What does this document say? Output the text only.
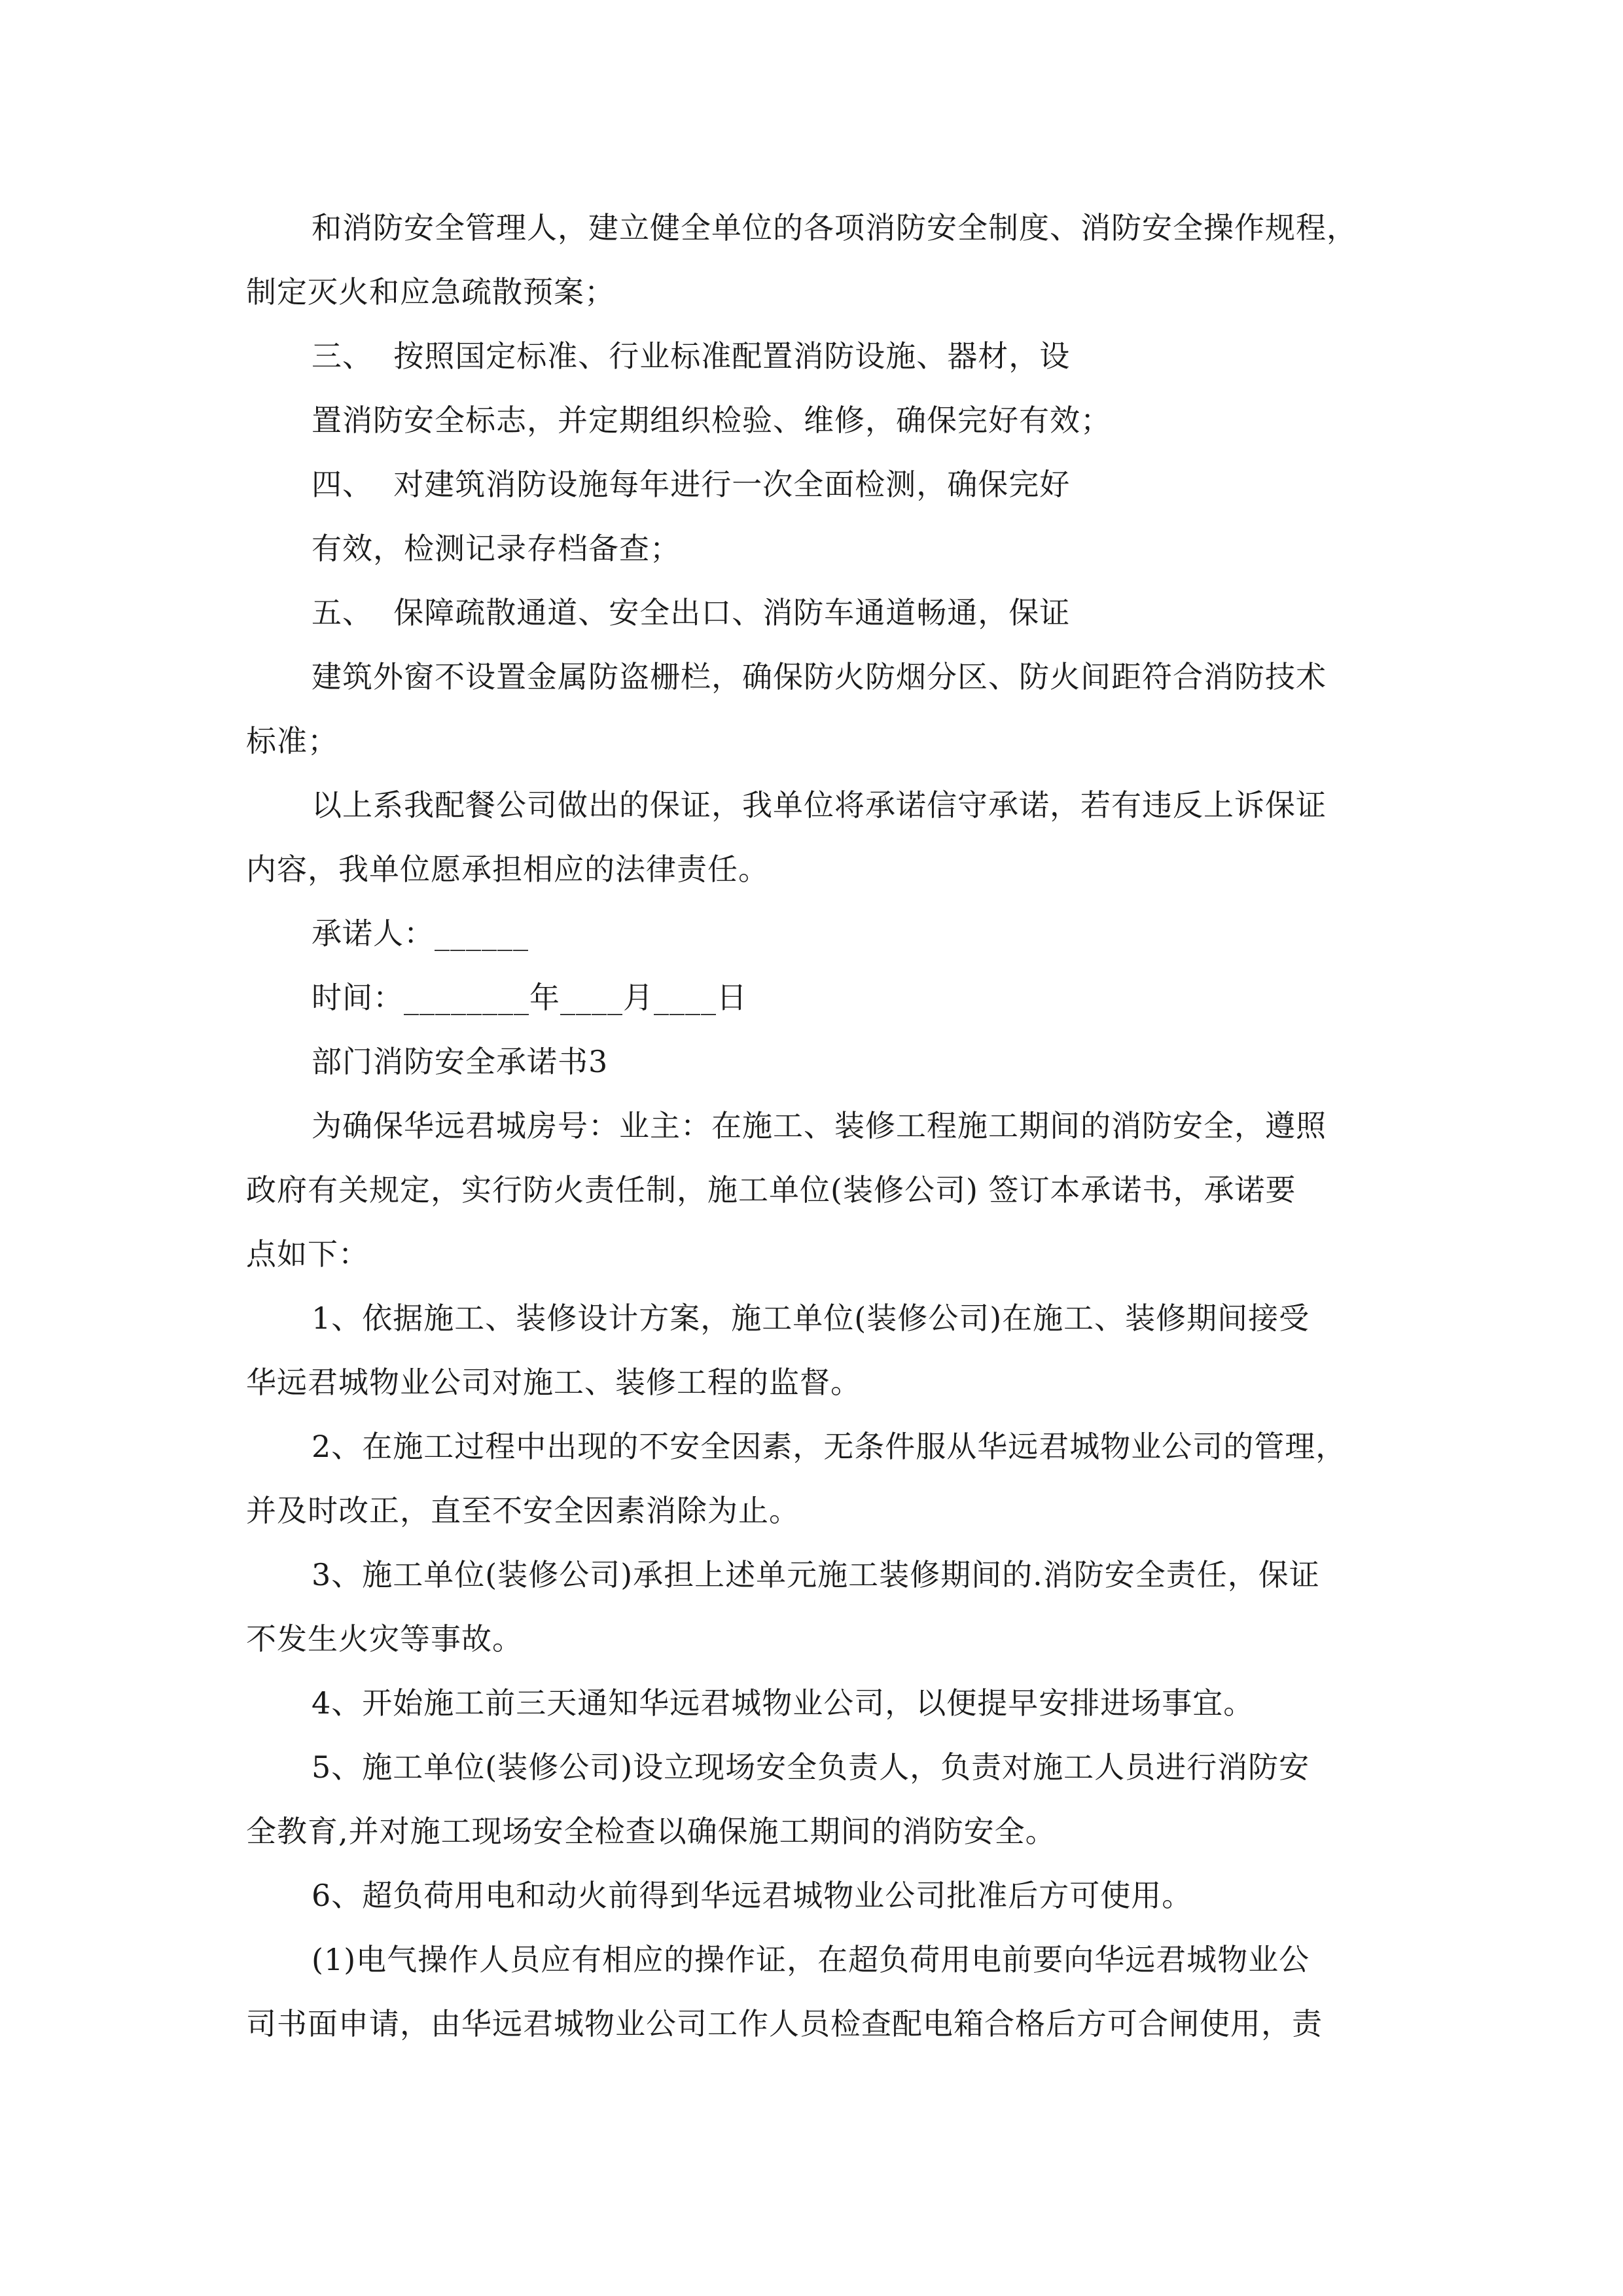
和消防安全管理人，建立健全单位的各项消防安全制度、消防安全操作规程，

制定灭火和应急疏散预案；

三、  按照国定标准、行业标准配置消防设施、器材，设

置消防安全标志，并定期组织检验、维修，确保完好有效；

四、  对建筑消防设施每年进行一次全面检测，确保完好

有效，检测记录存档备查；

五、  保障疏散通道、安全出口、消防车通道畅通，保证

建筑外窗不设置金属防盗栅栏，确保防火防烟分区、防火间距符合消防技术

标准；

以上系我配餐公司做出的保证，我单位将承诺信守承诺，若有违反上诉保证

内容，我单位愿承担相应的法律责任。

承诺人：______

时间：________年____月____日

部门消防安全承诺书3

为确保华远君城房号：业主：在施工、装修工程施工期间的消防安全，遵照

政府有关规定，实行防火责任制，施工单位(装修公司) 签订本承诺书，承诺要

点如下：

1、依据施工、装修设计方案，施工单位(装修公司)在施工、装修期间接受

华远君城物业公司对施工、装修工程的监督。

2、在施工过程中出现的不安全因素，无条件服从华远君城物业公司的管理，

并及时改正，直至不安全因素消除为止。

3、施工单位(装修公司)承担上述单元施工装修期间的.消防安全责任，保证

不发生火灾等事故。

4、开始施工前三天通知华远君城物业公司，以便提早安排进场事宜。

5、施工单位(装修公司)设立现场安全负责人，负责对施工人员进行消防安

全教育,并对施工现场安全检查以确保施工期间的消防安全。

6、超负荷用电和动火前得到华远君城物业公司批准后方可使用。

(1)电气操作人员应有相应的操作证，在超负荷用电前要向华远君城物业公

司书面申请，由华远君城物业公司工作人员检查配电箱合格后方可合闸使用，责
